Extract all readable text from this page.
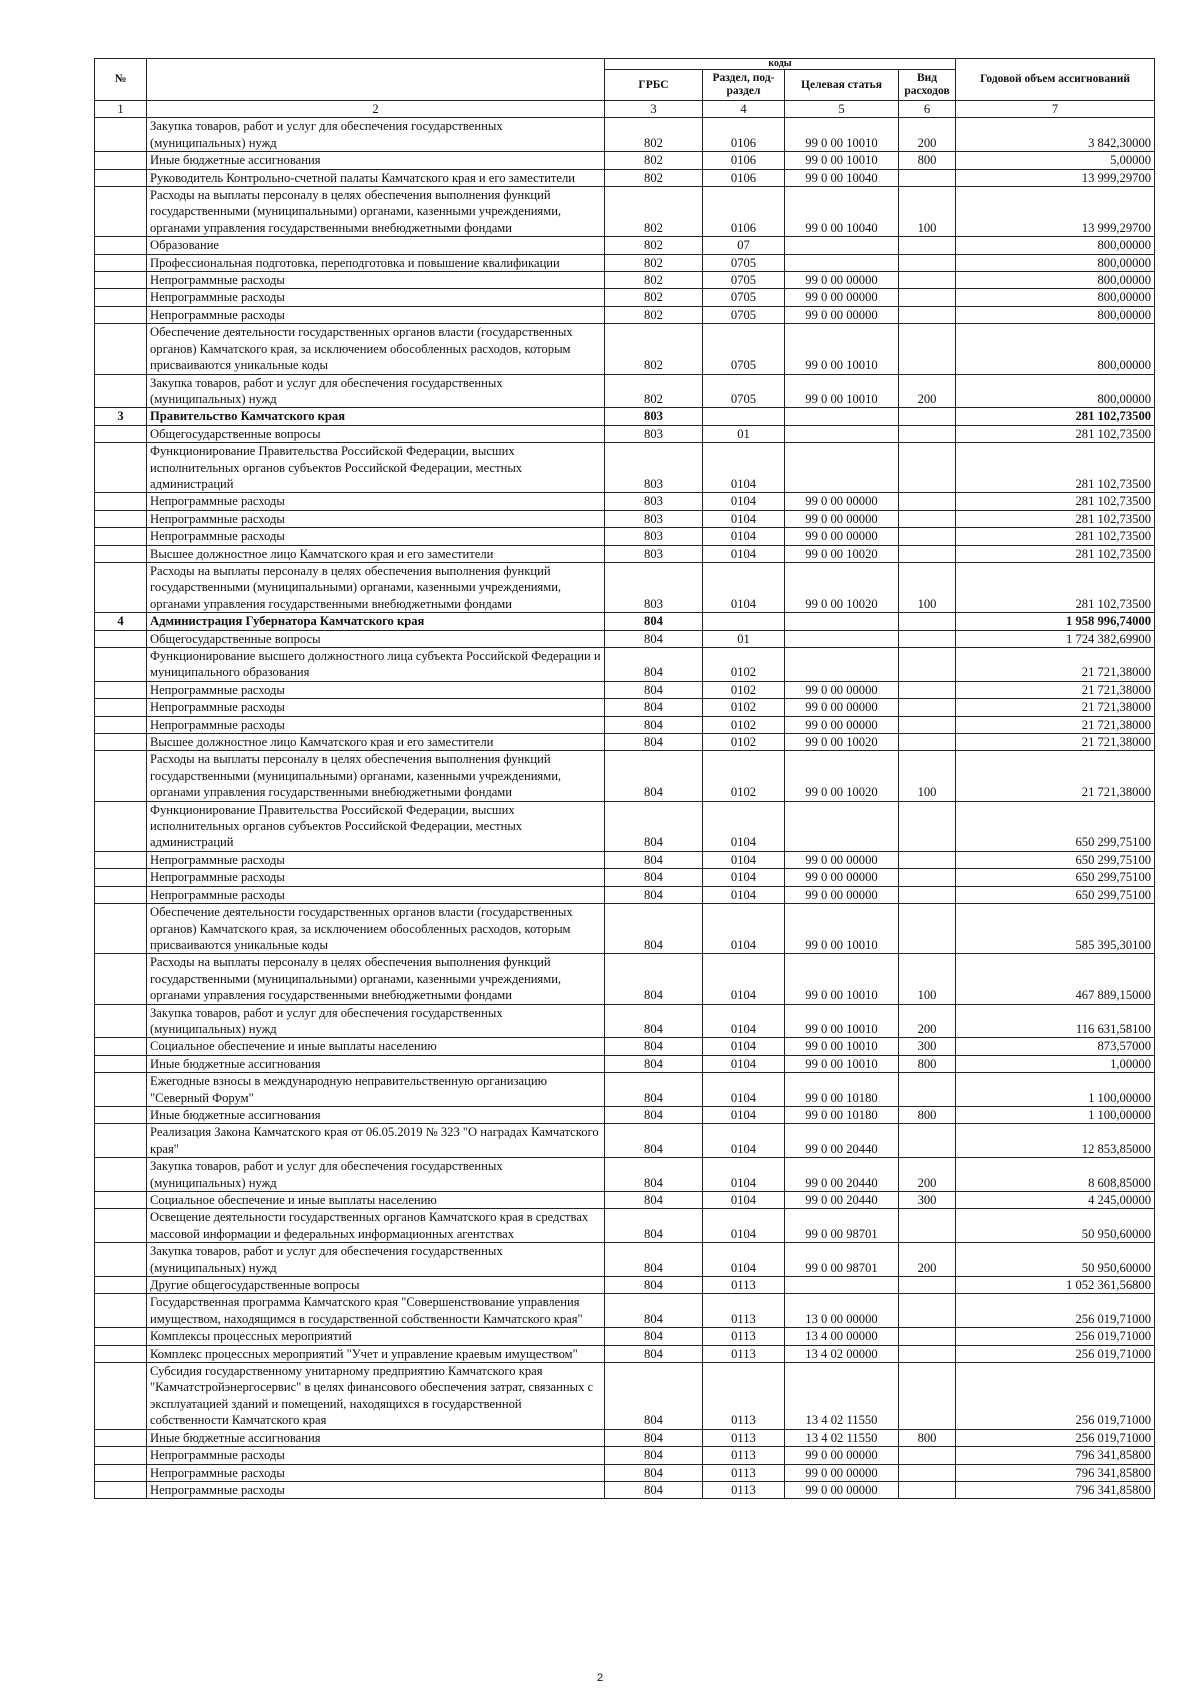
№		коды				Годовой объем ассигнований
		ГРБС	Раздел, под-раздел	Целевая статья	Вид расходов	
1	2	3	4	5	6	7
	Закупка товаров, работ и услуг для обеспечения государственных (муниципальных) нужд	802	0106	99 0 00 10010	200	3 842,30000
	Иные бюджетные ассигнования	802	0106	99 0 00 10010	800	5,00000
	Руководитель Контрольно-счетной палаты Камчатского края и его заместители	802	0106	99 0 00 10040		13 999,29700
	Расходы на выплаты персоналу в целях обеспечения выполнения функций государственными (муниципальными) органами, казенными учреждениями, органами управления государственными внебюджетными фондами	802	0106	99 0 00 10040	100	13 999,29700
	Образование	802	07			800,00000
	Профессиональная подготовка, переподготовка и повышение квалификации	802	0705			800,00000
	Непрограммные расходы	802	0705	99 0 00 00000		800,00000
	Непрограммные расходы	802	0705	99 0 00 00000		800,00000
	Непрограммные расходы	802	0705	99 0 00 00000		800,00000
	Обеспечение деятельности государственных органов власти (государственных органов) Камчатского края, за исключением обособленных расходов, которым присваиваются уникальные коды	802	0705	99 0 00 10010		800,00000
	Закупка товаров, работ и услуг для обеспечения государственных (муниципальных) нужд	802	0705	99 0 00 10010	200	800,00000
3	Правительство Камчатского края	803				281 102,73500
	Общегосударственные вопросы	803	01			281 102,73500
	Функционирование Правительства Российской Федерации, высших исполнительных органов субъектов Российской Федерации, местных администраций	803	0104			281 102,73500
	Непрограммные расходы	803	0104	99 0 00 00000		281 102,73500
	Непрограммные расходы	803	0104	99 0 00 00000		281 102,73500
	Непрограммные расходы	803	0104	99 0 00 00000		281 102,73500
	Высшее должностное лицо Камчатского края и его заместители	803	0104	99 0 00 10020		281 102,73500
	Расходы на выплаты персоналу в целях обеспечения выполнения функций государственными (муниципальными) органами, казенными учреждениями, органами управления государственными внебюджетными фондами	803	0104	99 0 00 10020	100	281 102,73500
4	Администрация Губернатора Камчатского края	804				1 958 996,74000
	Общегосударственные вопросы	804	01			1 724 382,69900
	Функционирование высшего должностного лица субъекта Российской Федерации и муниципального образования	804	0102			21 721,38000
	Непрограммные расходы	804	0102	99 0 00 00000		21 721,38000
	Непрограммные расходы	804	0102	99 0 00 00000		21 721,38000
	Непрограммные расходы	804	0102	99 0 00 00000		21 721,38000
	Высшее должностное лицо Камчатского края и его заместители	804	0102	99 0 00 10020		21 721,38000
	Расходы на выплаты персоналу в целях обеспечения выполнения функций государственными (муниципальными) органами, казенными учреждениями, органами управления государственными внебюджетными фондами	804	0102	99 0 00 10020	100	21 721,38000
	Функционирование Правительства Российской Федерации, высших исполнительных органов субъектов Российской Федерации, местных администраций	804	0104			650 299,75100
	Непрограммные расходы	804	0104	99 0 00 00000		650 299,75100
	Непрограммные расходы	804	0104	99 0 00 00000		650 299,75100
	Непрограммные расходы	804	0104	99 0 00 00000		650 299,75100
	Обеспечение деятельности государственных органов власти (государственных органов) Камчатского края, за исключением обособленных расходов, которым присваиваются уникальные коды	804	0104	99 0 00 10010		585 395,30100
	Расходы на выплаты персоналу в целях обеспечения выполнения функций государственными (муниципальными) органами, казенными учреждениями, органами управления государственными внебюджетными фондами	804	0104	99 0 00 10010	100	467 889,15000
	Закупка товаров, работ и услуг для обеспечения государственных (муниципальных) нужд	804	0104	99 0 00 10010	200	116 631,58100
	Социальное обеспечение и иные выплаты населению	804	0104	99 0 00 10010	300	873,57000
	Иные бюджетные ассигнования	804	0104	99 0 00 10010	800	1,00000
	Ежегодные взносы в международную неправительственную организацию "Северный Форум"	804	0104	99 0 00 10180		1 100,00000
	Иные бюджетные ассигнования	804	0104	99 0 00 10180	800	1 100,00000
	Реализация Закона Камчатского края от 06.05.2019 № 323 "О наградах Камчатского края"	804	0104	99 0 00 20440		12 853,85000
	Закупка товаров, работ и услуг для обеспечения государственных (муниципальных) нужд	804	0104	99 0 00 20440	200	8 608,85000
	Социальное обеспечение и иные выплаты населению	804	0104	99 0 00 20440	300	4 245,00000
	Освещение деятельности государственных органов Камчатского края в средствах массовой информации и федеральных информационных агентствах	804	0104	99 0 00 98701		50 950,60000
	Закупка товаров, работ и услуг для обеспечения государственных (муниципальных) нужд	804	0104	99 0 00 98701	200	50 950,60000
	Другие общегосударственные вопросы	804	0113			1 052 361,56800
	Государственная программа Камчатского края "Совершенствование управления имуществом, находящимся в государственной собственности Камчатского края"	804	0113	13 0 00 00000		256 019,71000
	Комплексы процессных мероприятий	804	0113	13 4 00 00000		256 019,71000
	Комплекс процессных мероприятий "Учет и управление краевым имуществом"	804	0113	13 4 02 00000		256 019,71000
	Субсидия государственному унитарному предприятию Камчатского края "Камчатстройэнергосервис" в целях финансового обеспечения затрат, связанных с эксплуатацией зданий и помещений, находящихся в государственной собственности Камчатского края	804	0113	13 4 02 11550		256 019,71000
	Иные бюджетные ассигнования	804	0113	13 4 02 11550	800	256 019,71000
	Непрограммные расходы	804	0113	99 0 00 00000		796 341,85800
	Непрограммные расходы	804	0113	99 0 00 00000		796 341,85800
	Непрограммные расходы	804	0113	99 0 00 00000		796 341,85800
2
